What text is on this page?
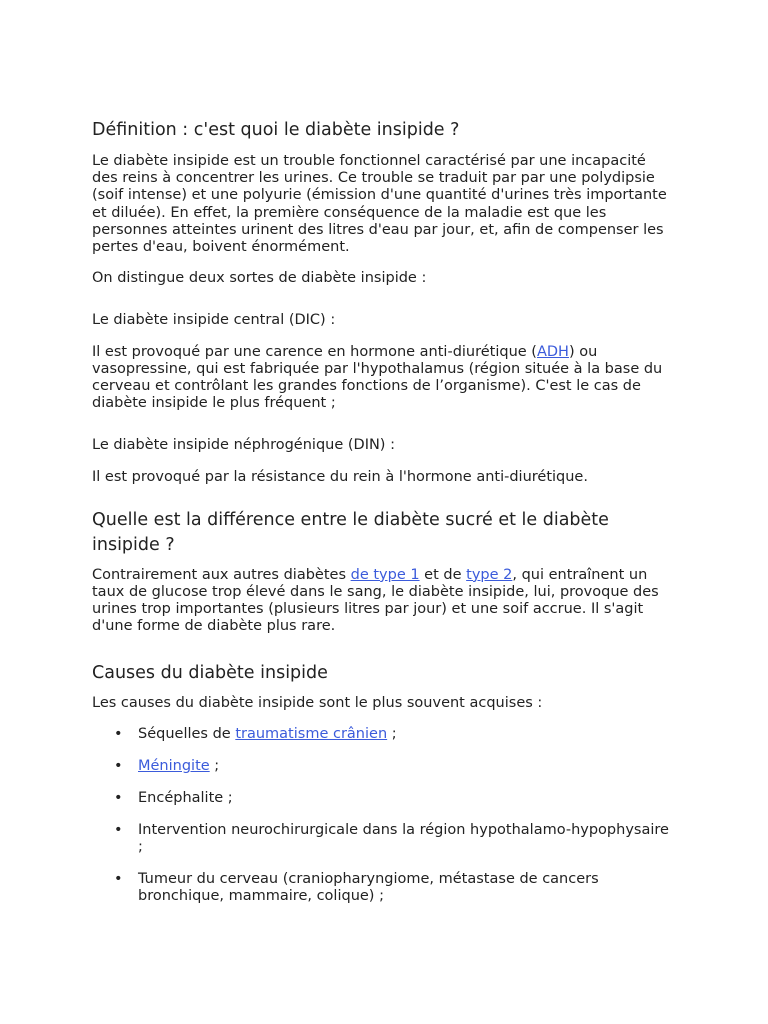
Définition : c'est quoi le diabète insipide ?

Le diabète insipide est un trouble fonctionnel caractérisé par une incapacité des reins à concentrer les urines. Ce trouble se traduit par par une polydipsie (soif intense) et une polyurie (émission d'une quantité d'urines très importante et diluée). En effet, la première conséquence de la maladie est que les personnes atteintes urinent des litres d'eau par jour, et, afin de compenser les pertes d'eau, boivent énormément.

On distingue deux sortes de diabète insipide :

Le diabète insipide central (DIC) :

Il est provoqué par une carence en hormone anti-diurétique (ADH) ou vasopressine, qui est fabriquée par l'hypothalamus (région située à la base du cerveau et contrôlant les grandes fonctions de l’organisme). C'est le cas de diabète insipide le plus fréquent ;

Le diabète insipide néphrogénique (DIN) :

Il est provoqué par la résistance du rein à l'hormone anti-diurétique.

Quelle est la différence entre le diabète sucré et le diabète insipide ?

Contrairement aux autres diabètes de type 1 et de type 2, qui entraînent un taux de glucose trop élevé dans le sang, le diabète insipide, lui, provoque des urines trop importantes (plusieurs litres par jour) et une soif accrue. Il s'agit d'une forme de diabète plus rare.

Causes du diabète insipide

Les causes du diabète insipide sont le plus souvent acquises :

• Séquelles de traumatisme crânien ;
• Méningite ;
• Encéphalite ;
• Intervention neurochirurgicale dans la région hypothalamo-hypophysaire ;
• Tumeur du cerveau (craniopharyngiome, métastase de cancers bronchique, mammaire, colique) ;
